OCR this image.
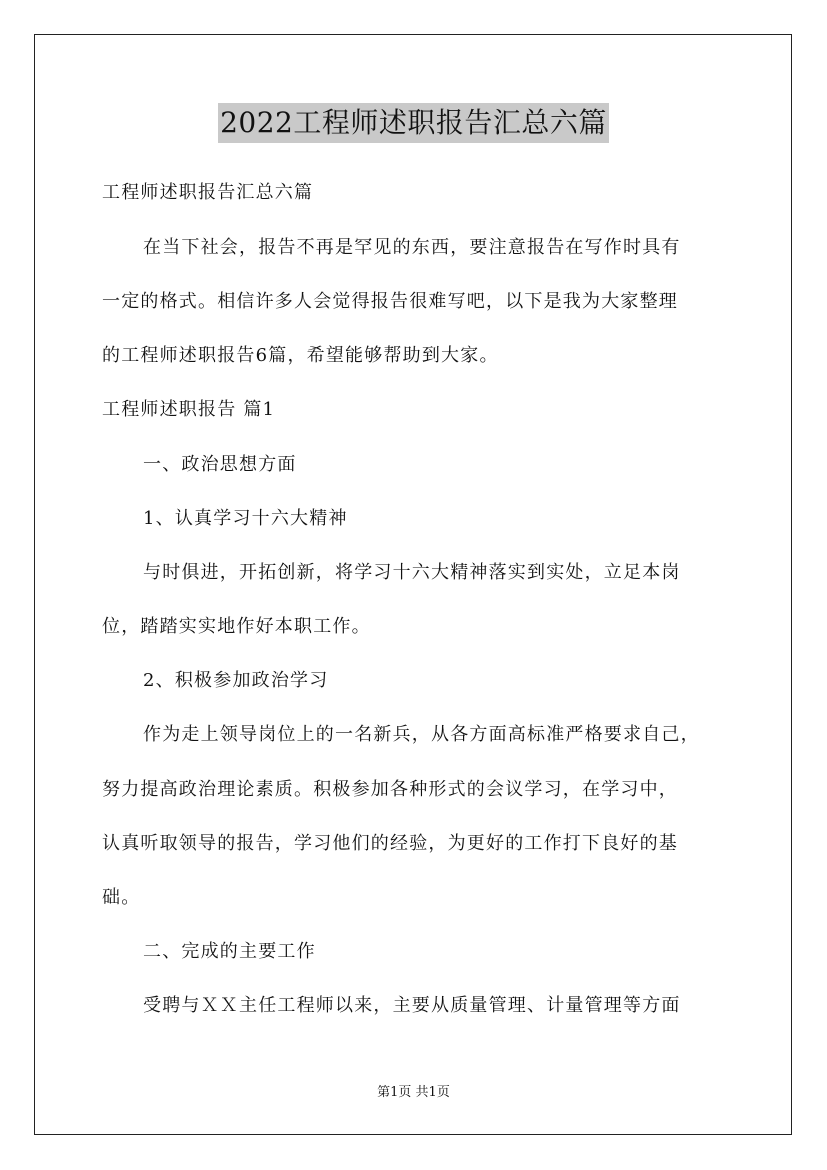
2022工程师述职报告汇总六篇
工程师述职报告汇总六篇
在当下社会，报告不再是罕见的东西，要注意报告在写作时具有
一定的格式。相信许多人会觉得报告很难写吧，以下是我为大家整理
的工程师述职报告6篇，希望能够帮助到大家。
工程师述职报告 篇1
一、政治思想方面
1、认真学习十六大精神
与时俱进，开拓创新，将学习十六大精神落实到实处，立足本岗
位，踏踏实实地作好本职工作。
2、积极参加政治学习
作为走上领导岗位上的一名新兵，从各方面高标准严格要求自己，
努力提高政治理论素质。积极参加各种形式的会议学习，在学习中，
认真听取领导的报告，学习他们的经验，为更好的工作打下良好的基
础。
二、完成的主要工作
受聘与ＸＸ主任工程师以来，主要从质量管理、计量管理等方面
第1页 共1页
